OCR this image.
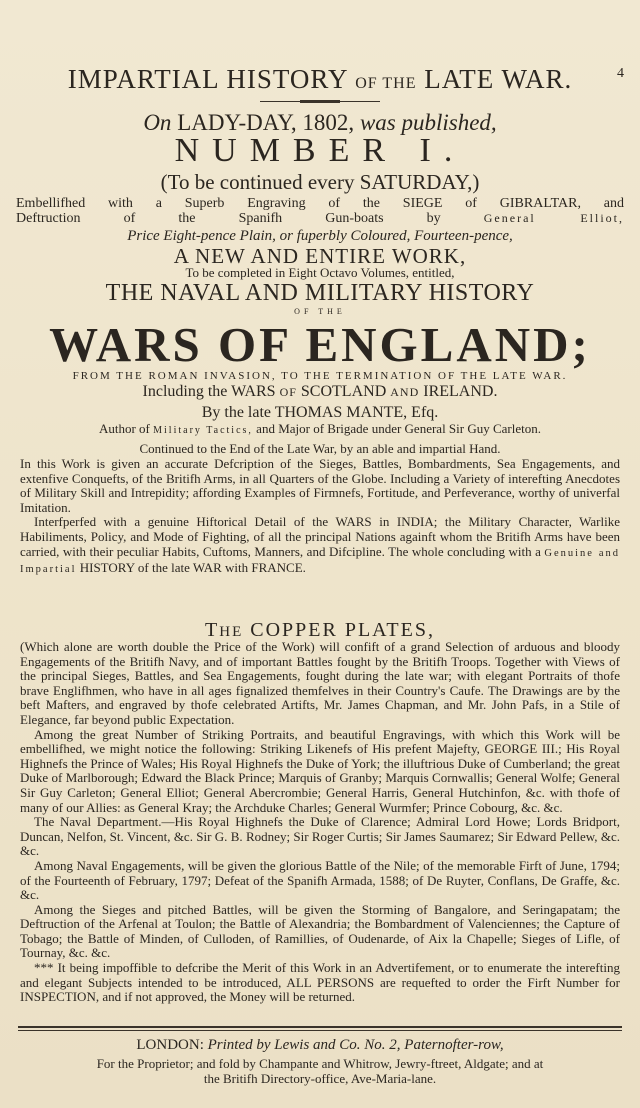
4
IMPARTIAL HISTORY OF THE LATE WAR.
On LADY-DAY, 1802, was published,
NUMBER I.
(To be continued every SATURDAY,)
Embellifhed with a Superb Engraving of the SIEGE of GIBRALTAR, and
Deftruction of the Spanifh Gun-boats by General Elliot,
Price Eight-pence Plain, or fuperbly Coloured, Fourteen-pence,
A NEW AND ENTIRE WORK,
To be completed in Eight Octavo Volumes, entitled,
THE NAVAL AND MILITARY HISTORY
OF THE
WARS OF ENGLAND;
FROM THE ROMAN INVASION, TO THE TERMINATION OF THE LATE WAR.
Including the WARS OF SCOTLAND AND IRELAND.
By the late THOMAS MANTE, Efq.
Author of Military Tactics, and Major of Brigade under General Sir Guy Carleton.
Continued to the End of the Late War, by an able and impartial Hand.

In this Work is given an accurate Defcription of the Sieges, Battles, Bombardments, Sea Engagements, and extenfive Conquefts, of the Britifh Arms, in all Quarters of the Globe. Including a Variety of interefting Anecdotes of Military Skill and Intrepidity; affording Examples of Firmnefs, Fortitude, and Perfeverance, worthy of univerfal Imitation.

Interfperfed with a genuine Hiftorical Detail of the WARS in INDIA; the Military Character, Warlike Habiliments, Policy, and Mode of Fighting, of all the principal Nations againft whom the Britifh Arms have been carried, with their peculiar Habits, Cuftoms, Manners, and Difcipline. The whole concluding with a Genuine and Impartial HISTORY of the late WAR with FRANCE.

THE COPPER PLATES,

(Which alone are worth double the Price of the Work) will confift of a grand Selection of arduous and bloody Engagements of the Britifh Navy, and of important Battles fought by the Britifh Troops. Together with Views of the principal Sieges, Battles, and Sea Engagements, fought during the late war; with elegant Portraits of thofe brave Englifhmen, who have in all ages fignalized themfelves in their Country's Caufe. The Drawings are by the beft Mafters, and engraved by thofe celebrated Artifts, Mr. James Chapman, and Mr. John Pafs, in a Stile of Elegance, far beyond public Expectation.

Among the great Number of Striking Portraits, and beautiful Engravings, with which this Work will be embellifhed, we might notice the following: Striking Likenefs of His prefent Majefty, GEORGE III.; His Royal Highnefs the Prince of Wales; His Royal Highnefs the Duke of York; the illuftrious Duke of Cumberland; the great Duke of Marlborough; Edward the Black Prince; Marquis of Granby; Marquis Cornwallis; General Wolfe; General Sir Guy Carleton; General Elliot; General Abercrombie; General Harris, General Hutchinfon, &c. with thofe of many of our Allies: as General Kray; the Archduke Charles; General Wurmfer; Prince Cobourg, &c. &c.

The Naval Department.—His Royal Highnefs the Duke of Clarence; Admiral Lord Howe; Lords Bridport, Duncan, Nelfon, St. Vincent, &c. Sir G. B. Rodney; Sir Roger Curtis; Sir James Saumarez; Sir Edward Pellew, &c. &c.

Among Naval Engagements, will be given the glorious Battle of the Nile; of the memorable Firft of June, 1794; of the Fourteenth of February, 1797; Defeat of the Spanifh Armada, 1588; of De Ruyter, Conflans, De Graffe, &c. &c.

Among the Sieges and pitched Battles, will be given the Storming of Bangalore, and Seringapatam; the Deftruction of the Arfenal at Toulon; the Battle of Alexandria; the Bombardment of Valenciennes; the Capture of Tobago; the Battle of Minden, of Culloden, of Ramillies, of Oudenarde, of Aix la Chapelle; Sieges of Lifle, of Tournay, &c. &c.

*** It being impoffible to defcribe the Merit of this Work in an Advertifement, or to enumerate the interefting and elegant Subjects intended to be introduced, ALL PERSONS are requefted to order the Firft Number for INSPECTION, and if not approved, the Money will be returned.

LONDON: Printed by Lewis and Co. No. 2, Paternofter-row,
For the Proprietor; and fold by Champante and Whitrow, Jewry-ftreet, Aldgate; and at
the Britifh Directory-office, Ave-Maria-lane.
